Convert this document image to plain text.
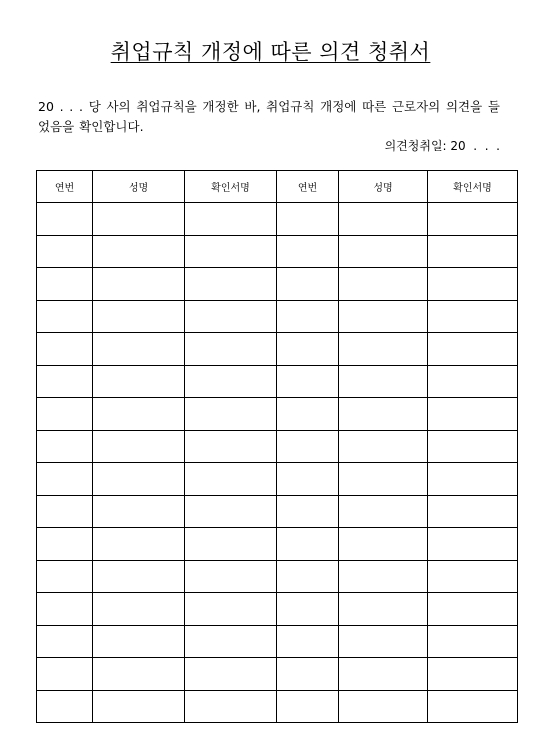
취업규칙 개정에 따른 의견 청취서

20 . . . 당 사의 취업규칙을 개정한 바, 취업규칙 개정에 따른 근로자의 의견을 들었음을 확인합니다.

의견청취일: 20  .  .  .
연번	성명	확인서명	연번	성명	확인서명
